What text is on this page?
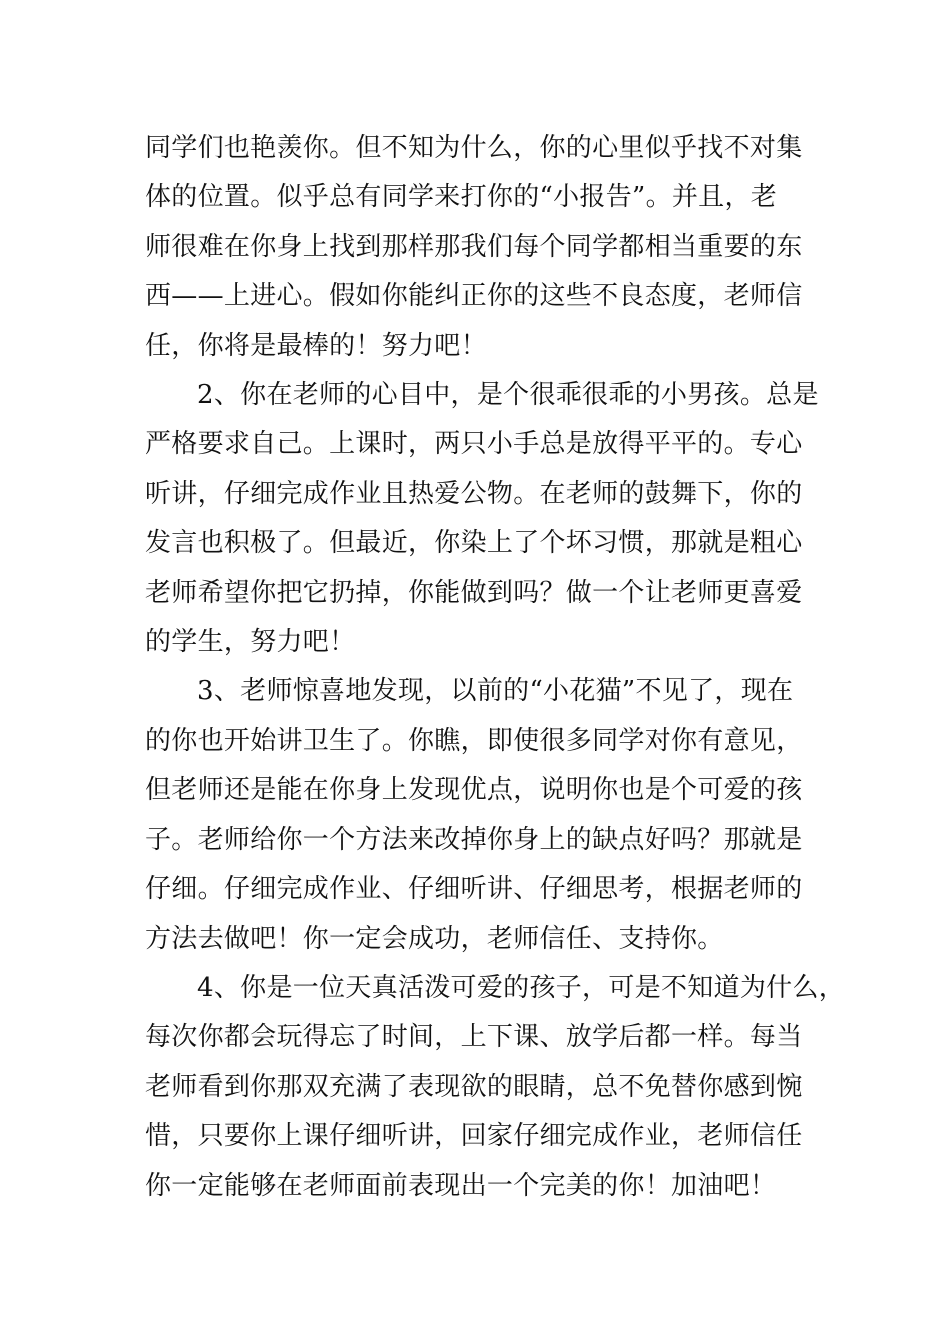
同学们也艳羡你。但不知为什么，你的心里似乎找不对集
体的位置。似乎总有同学来打你的“小报告”。并且，老
师很难在你身上找到那样那我们每个同学都相当重要的东
西——上进心。假如你能纠正你的这些不良态度，老师信
任，你将是最棒的！努力吧！

2、你在老师的心目中，是个很乖很乖的小男孩。总是
严格要求自己。上课时，两只小手总是放得平平的。专心
听讲，仔细完成作业且热爱公物。在老师的鼓舞下，你的
发言也积极了。但最近，你染上了个坏习惯，那就是粗心
老师希望你把它扔掉，你能做到吗？做一个让老师更喜爱
的学生，努力吧！

3、老师惊喜地发现，以前的“小花猫”不见了，现在
的你也开始讲卫生了。你瞧，即使很多同学对你有意见，
但老师还是能在你身上发现优点，说明你也是个可爱的孩
子。老师给你一个方法来改掉你身上的缺点好吗？那就是
仔细。仔细完成作业、仔细听讲、仔细思考，根据老师的
方法去做吧！你一定会成功，老师信任、支持你。

4、你是一位天真活泼可爱的孩子，可是不知道为什么，
每次你都会玩得忘了时间，上下课、放学后都一样。每当
老师看到你那双充满了表现欲的眼睛，总不免替你感到惋
惜，只要你上课仔细听讲，回家仔细完成作业，老师信任
你一定能够在老师面前表现出一个完美的你！加油吧！
